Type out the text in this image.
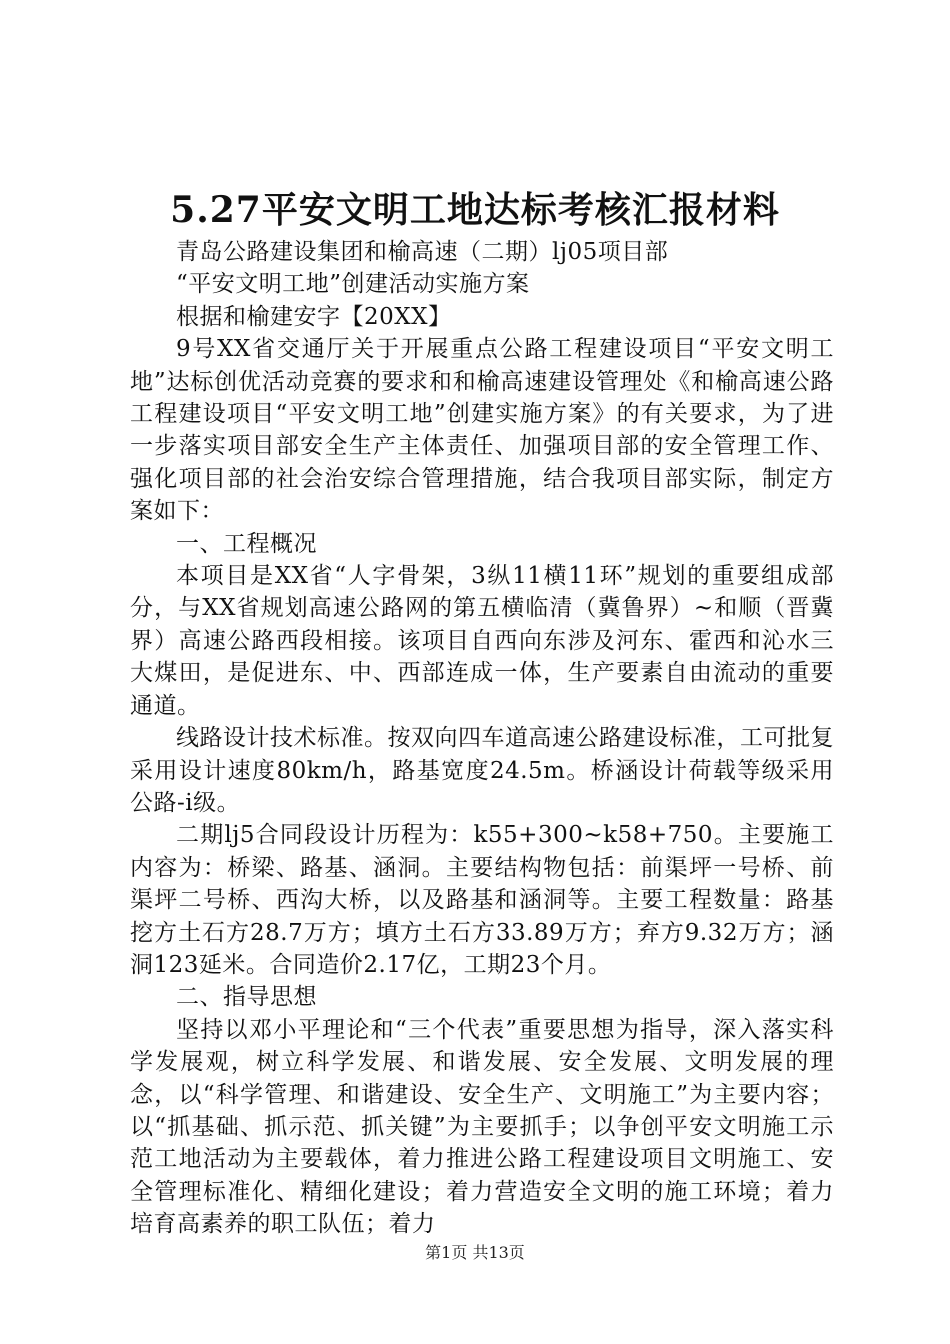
5.27平安文明工地达标考核汇报材料

青岛公路建设集团和榆高速（二期）lj05项目部

“平安文明工地”创建活动实施方案

根据和榆建安字【20XX】

9号XX省交通厅关于开展重点公路工程建设项目“平安文明工地”达标创优活动竞赛的要求和和榆高速建设管理处《和榆高速公路工程建设项目“平安文明工地”创建实施方案》的有关要求，为了进一步落实项目部安全生产主体责任、加强项目部的安全管理工作、强化项目部的社会治安综合管理措施，结合我项目部实际，制定方案如下：

一、工程概况

本项目是XX省“人字骨架，3纵11横11环”规划的重要组成部分，与XX省规划高速公路网的第五横临清（冀鲁界）~和顺（晋冀界）高速公路西段相接。该项目自西向东涉及河东、霍西和沁水三大煤田，是促进东、中、西部连成一体，生产要素自由流动的重要通道。

线路设计技术标准。按双向四车道高速公路建设标准，工可批复采用设计速度80km/h，路基宽度24.5m。桥涵设计荷载等级采用公路-i级。

二期lj5合同段设计历程为：k55+300~k58+750。主要施工内容为：桥梁、路基、涵洞。主要结构物包括：前渠坪一号桥、前渠坪二号桥、西沟大桥，以及路基和涵洞等。主要工程数量：路基挖方土石方28.7万方；填方土石方33.89万方；弃方9.32万方；涵洞123延米。合同造价2.17亿，工期23个月。

二、指导思想

坚持以邓小平理论和“三个代表”重要思想为指导，深入落实科学发展观，树立科学发展、和谐发展、安全发展、文明发展的理念，以“科学管理、和谐建设、安全生产、文明施工”为主要内容；以“抓基础、抓示范、抓关键”为主要抓手；以争创平安文明施工示范工地活动为主要载体，着力推进公路工程建设项目文明施工、安全管理标准化、精细化建设；着力营造安全文明的施工环境；着力培育高素养的职工队伍；着力

第1页 共13页
